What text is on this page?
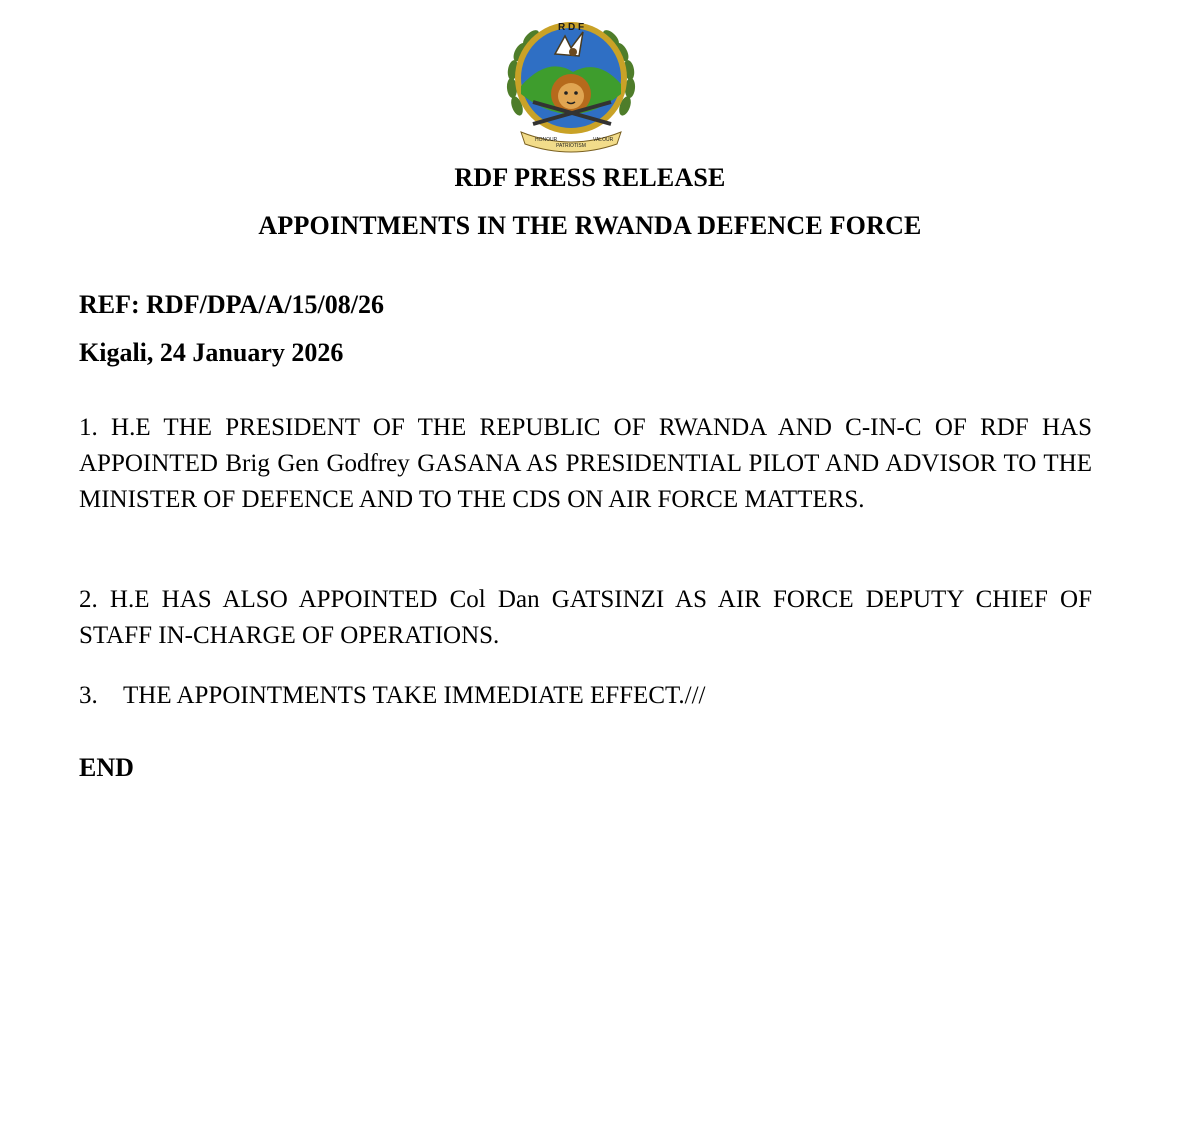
R D F
HONOUR
PATRIOTISM
VALOUR
RDF PRESS RELEASE
APPOINTMENTS IN THE RWANDA DEFENCE FORCE
REF: RDF/DPA/A/15/08/26
Kigali, 24 January 2026
1. H.E THE PRESIDENT OF THE REPUBLIC OF RWANDA AND C-IN-C OF RDF HAS APPOINTED Brig Gen Godfrey GASANA AS PRESIDENTIAL PILOT AND ADVISOR TO THE MINISTER OF DEFENCE AND TO THE CDS ON AIR FORCE MATTERS.
2. H.E HAS ALSO APPOINTED Col Dan GATSINZI AS AIR FORCE DEPUTY CHIEF OF STAFF IN-CHARGE OF OPERATIONS.
3. THE APPOINTMENTS TAKE IMMEDIATE EFFECT.///
END
